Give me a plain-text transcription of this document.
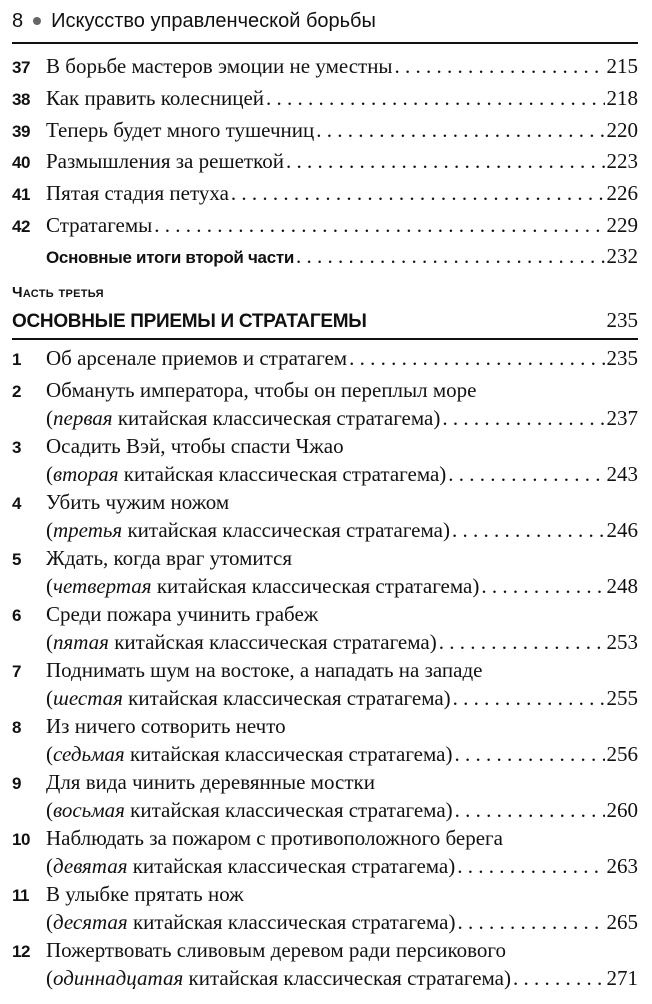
8 Искусство управленческой борьбы
37 В борьбе мастеров эмоции не уместны . . .	215
38 Как править колесницей . . .	218
39 Теперь будет много тушечниц . . .	220
40 Размышления за решеткой . . .	223
41 Пятая стадия петуха . . .	226
42 Стратагемы . . .	229
Основные итоги второй части . . .	232
Часть третья
ОСНОВНЫЕ ПРИЕМЫ И СТРАТАГЕМЫ	235
1	Об арсенале приемов и стратагем . . .	235
2	Обмануть императора, чтобы он переплыл море
(первая китайская классическая стратагема) . . .	237
3	Осадить Вэй, чтобы спасти Чжао
(вторая китайская классическая стратагема) . . .	243
4	Убить чужим ножом
(третья китайская классическая стратагема) . . .	246
5	Ждать, когда враг утомится
(четвертая китайская классическая стратагема) . . .	248
6	Среди пожара учинить грабеж
(пятая китайская классическая стратагема) . . .	253
7	Поднимать шум на востоке, а нападать на западе
(шестая китайская классическая стратагема) . . .	255
8	Из ничего сотворить нечто
(седьмая китайская классическая стратагема) . . .	256
9	Для вида чинить деревянные мостки
(восьмая китайская классическая стратагема) . . .	260
10 Наблюдать за пожаром с противоположного берега
(девятая китайская классическая стратагема) . . .	263
11 В улыбке прятать нож
(десятая китайская классическая стратагема) . . .	265
12 Пожертвовать сливовым деревом ради персикового
(одиннадцатая китайская классическая стратагема) . . .	271
